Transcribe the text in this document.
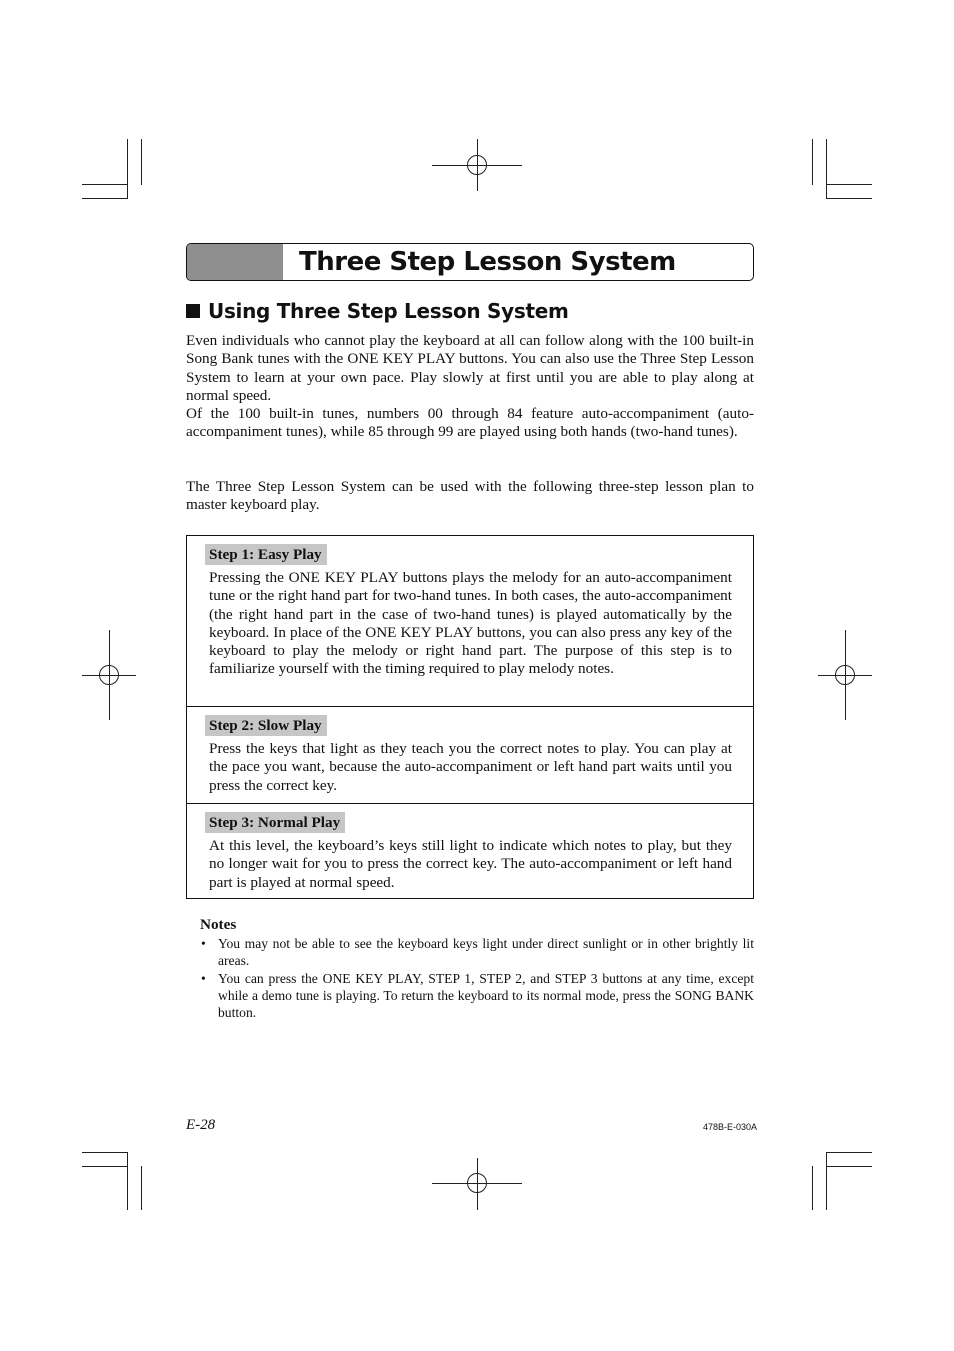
Three Step Lesson System
Using Three Step Lesson System

Even individuals who cannot play the keyboard at all can follow along with the 100 built-in Song Bank tunes with the ONE KEY PLAY buttons. You can also use the Three Step Lesson System to learn at your own pace. Play slowly at first until you are able to play along at normal speed.

Of the 100 built-in tunes, numbers 00 through 84 feature auto-accompaniment (auto-accompaniment tunes), while 85 through 99 are played using both hands (two-hand tunes).

The Three Step Lesson System can be used with the following three-step lesson plan to master keyboard play.

Step 1: Easy Play

Pressing the ONE KEY PLAY buttons plays the melody for an auto-accompaniment tune or the right hand part for two-hand tunes. In both cases, the auto-accompaniment (the right hand part in the case of two-hand tunes) is played automatically by the keyboard. In place of the ONE KEY PLAY buttons, you can also press any key of the keyboard to play the melody or right hand part. The purpose of this step is to familiarize yourself with the timing required to play melody notes.

Step 2: Slow Play

Press the keys that light as they teach you the correct notes to play. You can play at the pace you want, because the auto-accompaniment or left hand part waits until you press the correct key.

Step 3: Normal Play

At this level, the keyboard’s keys still light to indicate which notes to play, but they no longer wait for you to press the correct key. The auto-accompaniment or left hand part is played at normal speed.

Notes
• You may not be able to see the keyboard keys light under direct sunlight or in other brightly lit areas.
• You can press the ONE KEY PLAY, STEP 1, STEP 2, and STEP 3 buttons at any time, except while a demo tune is playing. To return the keyboard to its normal mode, press the SONG BANK button.
E-28	478B-E-030A
